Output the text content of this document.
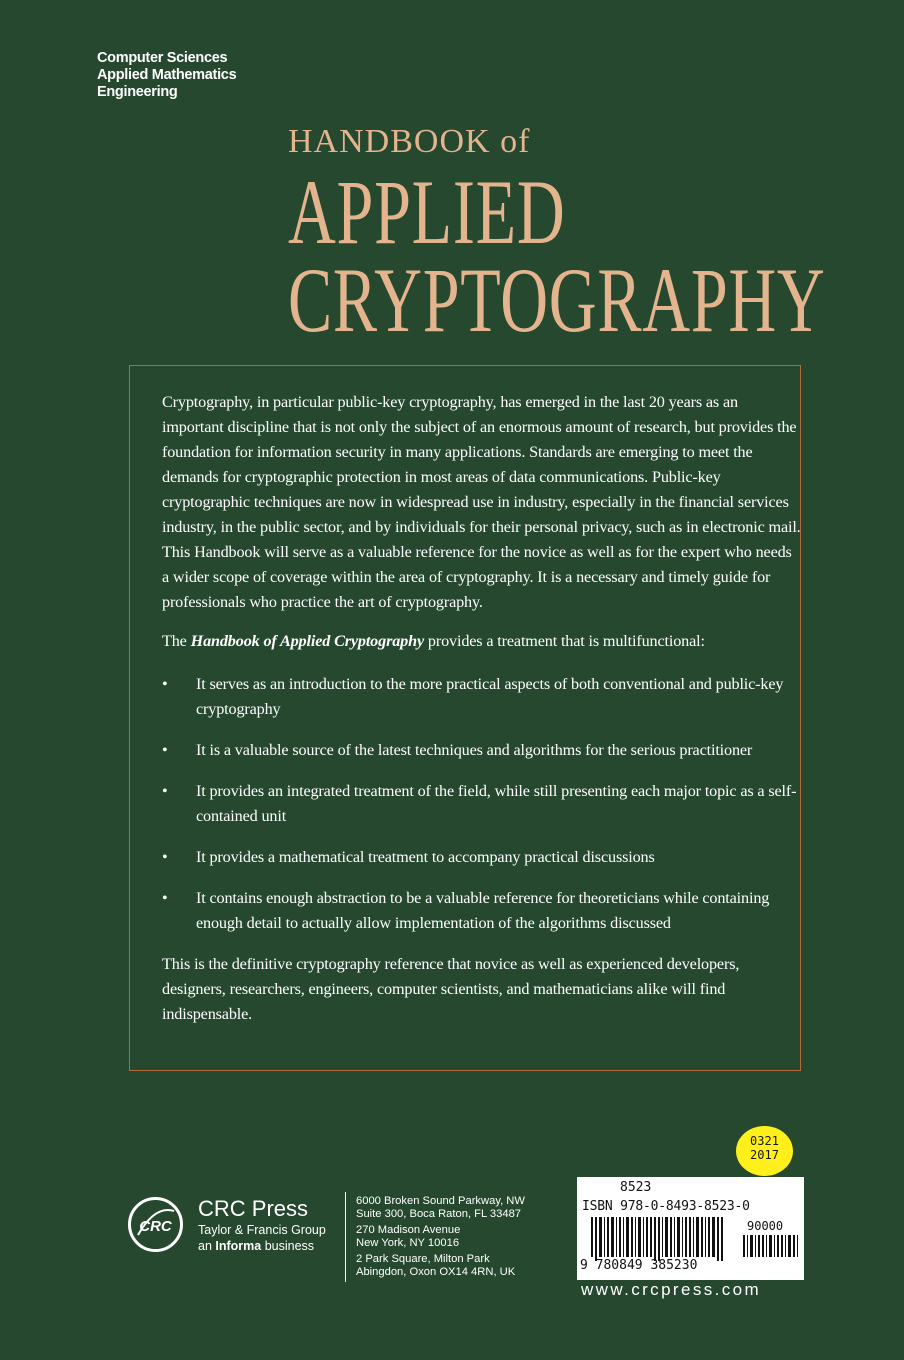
Computer Sciences
Applied Mathematics
Engineering
HANDBOOK of
APPLIED
CRYPTOGRAPHY

Cryptography, in particular public-key cryptography, has emerged in the last 20 years as an important discipline that is not only the subject of an enormous amount of research, but provides the foundation for information security in many applications. Standards are emerging to meet the demands for cryptographic protection in most areas of data communications. Public-key cryptographic techniques are now in widespread use in industry, especially in the financial services industry, in the public sector, and by individuals for their personal privacy, such as in electronic mail. This Handbook will serve as a valuable reference for the novice as well as for the expert who needs a wider scope of coverage within the area of cryptography. It is a necessary and timely guide for professionals who practice the art of cryptography.

The Handbook of Applied Cryptography provides a treatment that is multifunctional:

• It serves as an introduction to the more practical aspects of both conventional and public-key cryptography
• It is a valuable source of the latest techniques and algorithms for the serious practitioner
• It provides an integrated treatment of the field, while still presenting each major topic as a self-contained unit
• It provides a mathematical treatment to accompany practical discussions
• It contains enough abstraction to be a valuable reference for theoreticians while containing enough detail to actually allow implementation of the algorithms discussed

This is the definitive cryptography reference that novice as well as experienced developers, designers, researchers, engineers, computer scientists, and mathematicians alike will find indispensable.

CRC
CRC Press
Taylor & Francis Group
an Informa business
6000 Broken Sound Parkway, NW
Suite 300, Boca Raton, FL 33487
270 Madison Avenue
New York, NY 10016
2 Park Square, Milton Park
Abingdon, Oxon OX14 4RN, UK
0321
2017
8523
ISBN 978-0-8493-8523-0
90000
9 780849 385230
www.crcpress.com
